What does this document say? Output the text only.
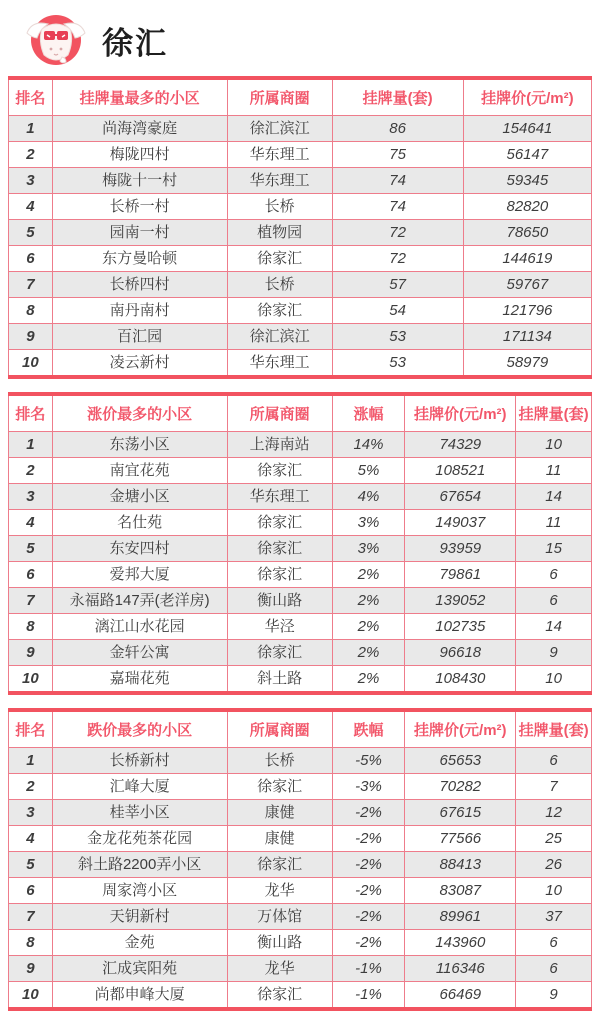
徐汇
排名	挂牌量最多的小区	所属商圈	挂牌量(套)	挂牌价(元/m²)
1	尚海湾豪庭	徐汇滨江	86	154641
2	梅陇四村	华东理工	75	56147
3	梅陇十一村	华东理工	74	59345
4	长桥一村	长桥	74	82820
5	园南一村	植物园	72	78650
6	东方曼哈顿	徐家汇	72	144619
7	长桥四村	长桥	57	59767
8	南丹南村	徐家汇	54	121796
9	百汇园	徐汇滨江	53	171134
10	凌云新村	华东理工	53	58979
排名	涨价最多的小区	所属商圈	涨幅	挂牌价(元/m²)	挂牌量(套)
1	东荡小区	上海南站	14%	74329	10
2	南宜花苑	徐家汇	5%	108521	11
3	金塘小区	华东理工	4%	67654	14
4	名仕苑	徐家汇	3%	149037	11
5	东安四村	徐家汇	3%	93959	15
6	爱邦大厦	徐家汇	2%	79861	6
7	永福路147弄(老洋房)	衡山路	2%	139052	6
8	漓江山水花园	华泾	2%	102735	14
9	金轩公寓	徐家汇	2%	96618	9
10	嘉瑞花苑	斜土路	2%	108430	10
排名	跌价最多的小区	所属商圈	跌幅	挂牌价(元/m²)	挂牌量(套)
1	长桥新村	长桥	-5%	65653	6
2	汇峰大厦	徐家汇	-3%	70282	7
3	桂莘小区	康健	-2%	67615	12
4	金龙花苑茶花园	康健	-2%	77566	25
5	斜土路2200弄小区	徐家汇	-2%	88413	26
6	周家湾小区	龙华	-2%	83087	10
7	天钥新村	万体馆	-2%	89961	37
8	金苑	衡山路	-2%	143960	6
9	汇成宾阳苑	龙华	-1%	116346	6
10	尚都申峰大厦	徐家汇	-1%	66469	9
